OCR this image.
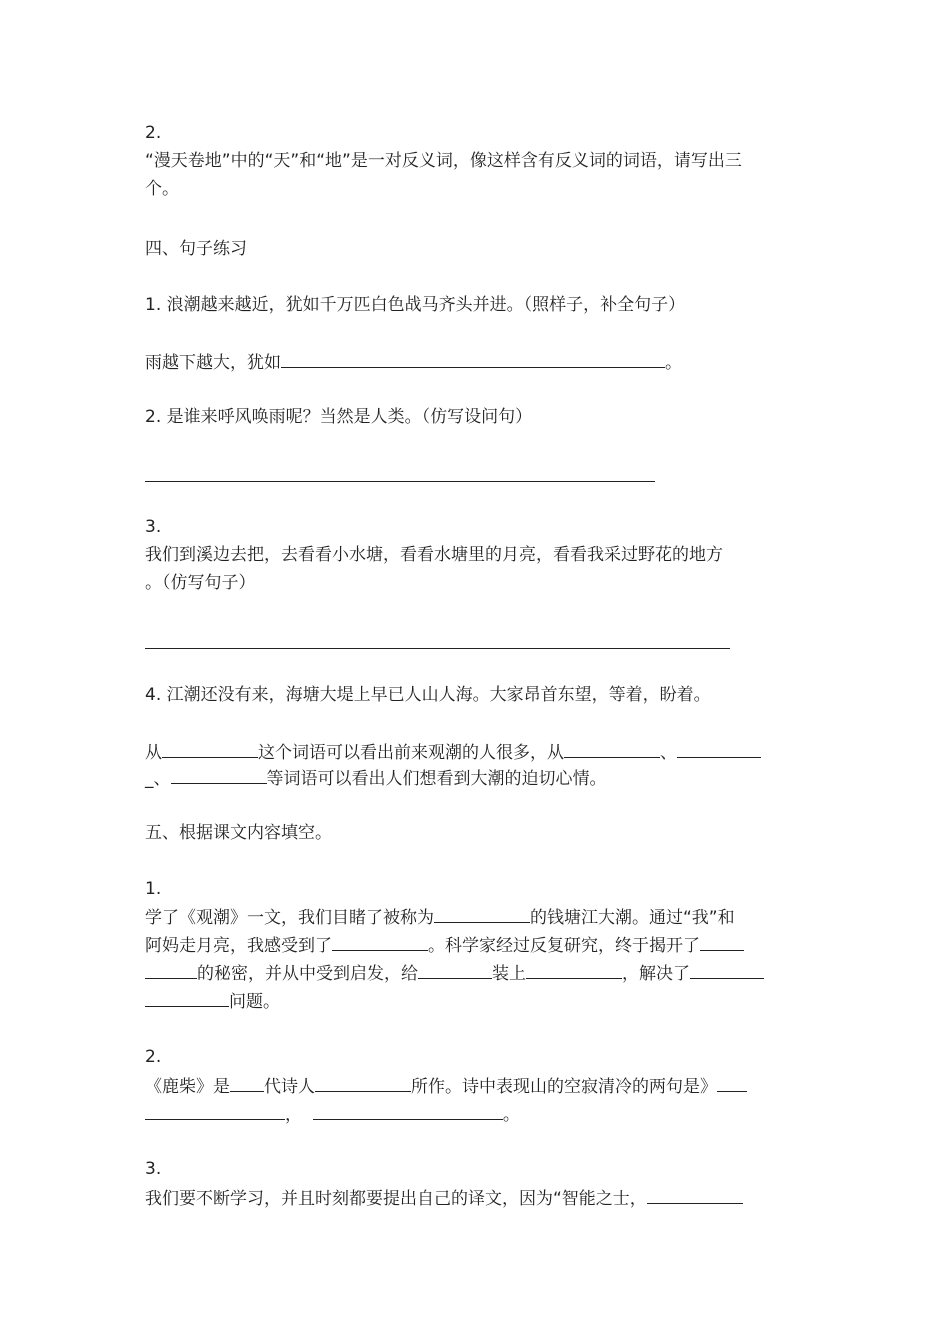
2.
“漫天卷地”中的“天”和“地”是一对反义词，像这样含有反义词的词语，请写出三
个。
四、句子练习
1. 浪潮越来越近，犹如千万匹白色战马齐头并进。（照样子，补全句子）
雨越下越大，犹如	。
2. 是谁来呼风唤雨呢？当然是人类。（仿写设问句）
3.
我们到溪边去把，去看看小水塘，看看水塘里的月亮，看看我采过野花的地方
。（仿写句子）
4. 江潮还没有来，海塘大堤上早已人山人海。大家昂首东望，等着，盼着。
从	这个词语可以看出前来观潮的人很多，从	、
_、	等词语可以看出人们想看到大潮的迫切心情。
五、根据课文内容填空。
1.
学了《观潮》一文，我们目睹了被称为	的钱塘江大潮。通过“我”和
阿妈走月亮，我感受到了	。科学家经过反复研究，终于揭开了
的秘密，并从中受到启发，给	装上	，解决了
问题。
2.
《鹿柴》是 代诗人	所作。诗中表现山的空寂清冷的两句是》
，	。
3.
我们要不断学习，并且时刻都要提出自己的译文，因为“智能之士，
